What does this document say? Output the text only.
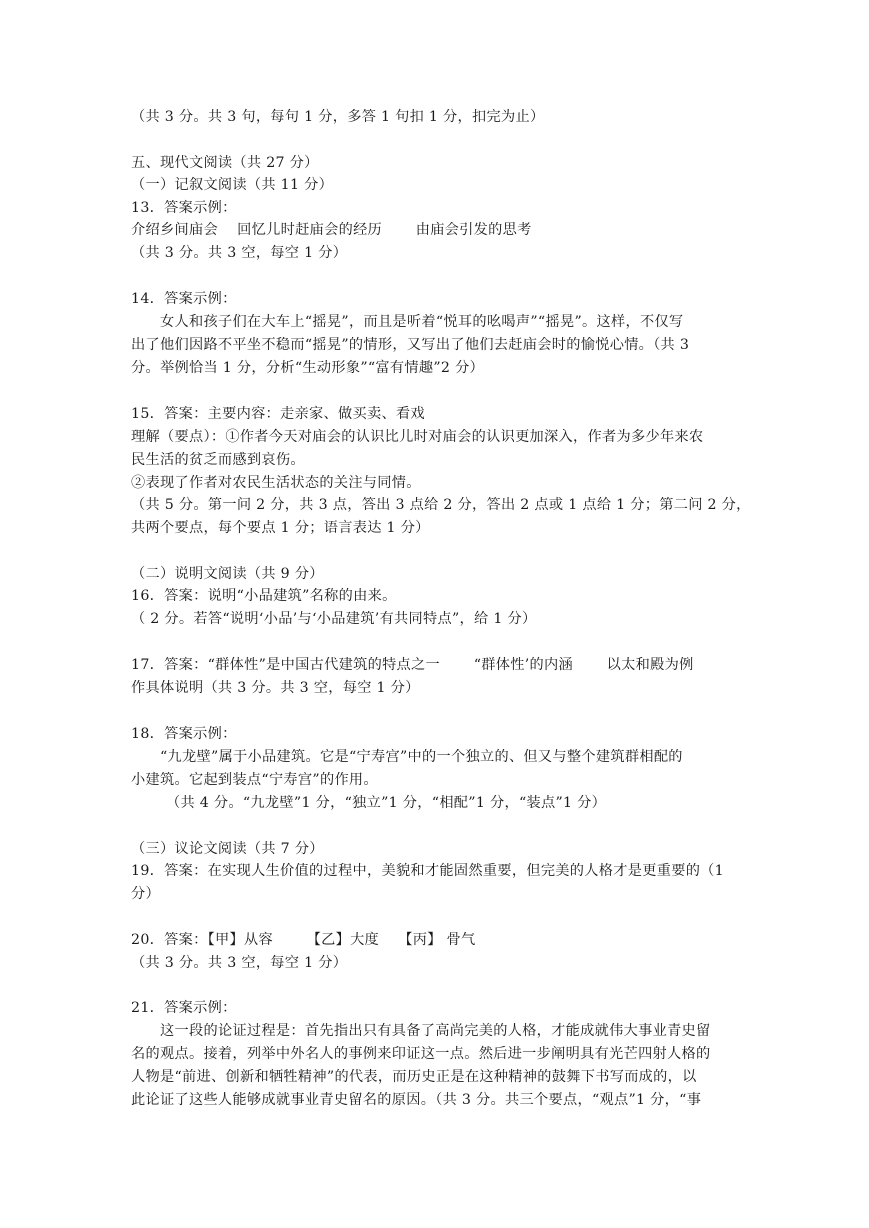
（共 3 分。共 3 句，每句 1 分，多答 1 句扣 1 分，扣完为止）
五、现代文阅读（共 27 分）
（一）记叙文阅读（共 11 分）
13．答案示例：
介绍乡间庙会    回忆儿时赶庙会的经历       由庙会引发的思考
（共 3 分。共 3 空，每空 1 分）
14．答案示例：
女人和孩子们在大车上“摇晃”，而且是听着“悦耳的吆喝声”“摇晃”。这样，不仅写
出了他们因路不平坐不稳而“摇晃”的情形，又写出了他们去赶庙会时的愉悦心情。（共 3
分。举例恰当 1 分，分析“生动形象”“富有情趣”2 分）
15．答案：主要内容：走亲家、做买卖、看戏
理解（要点）：①作者今天对庙会的认识比儿时对庙会的认识更加深入，作者为多少年来农
民生活的贫乏而感到哀伤。
②表现了作者对农民生活状态的关注与同情。
（共 5 分。第一问 2 分，共 3 点，答出 3 点给 2 分，答出 2 点或 1 点给 1 分；第二问 2 分，
共两个要点，每个要点 1 分；语言表达 1 分）
（二）说明文阅读（共 9 分）
16．答案：说明“小品建筑”名称的由来。
（ 2 分。若答“说明‘小品’与‘小品建筑’有共同特点”，给 1 分）
17．答案：“群体性”是中国古代建筑的特点之一       “群体性’的内涵       以太和殿为例
作具体说明（共 3 分。共 3 空，每空 1 分）
18．答案示例：
“九龙壁”属于小品建筑。它是“宁寿宫”中的一个独立的、但又与整个建筑群相配的
小建筑。它起到装点“宁寿宫”的作用。
（共 4 分。“九龙壁”1 分，“独立”1 分，“相配”1 分，“装点”1 分）
（三）议论文阅读（共 7 分）
19．答案：在实现人生价值的过程中，美貌和才能固然重要，但完美的人格才是更重要的（1
分）
20．答案：【甲】从容       【乙】大度    【丙】 骨气
（共 3 分。共 3 空，每空 1 分）
21．答案示例：
这一段的论证过程是：首先指出只有具备了高尚完美的人格，才能成就伟大事业青史留
名的观点。接着，列举中外名人的事例来印证这一点。然后进一步阐明具有光芒四射人格的
人物是“前进、创新和牺牲精神”的代表，而历史正是在这种精神的鼓舞下书写而成的，以
此论证了这些人能够成就事业青史留名的原因。（共 3 分。共三个要点，“观点”1 分，“事
